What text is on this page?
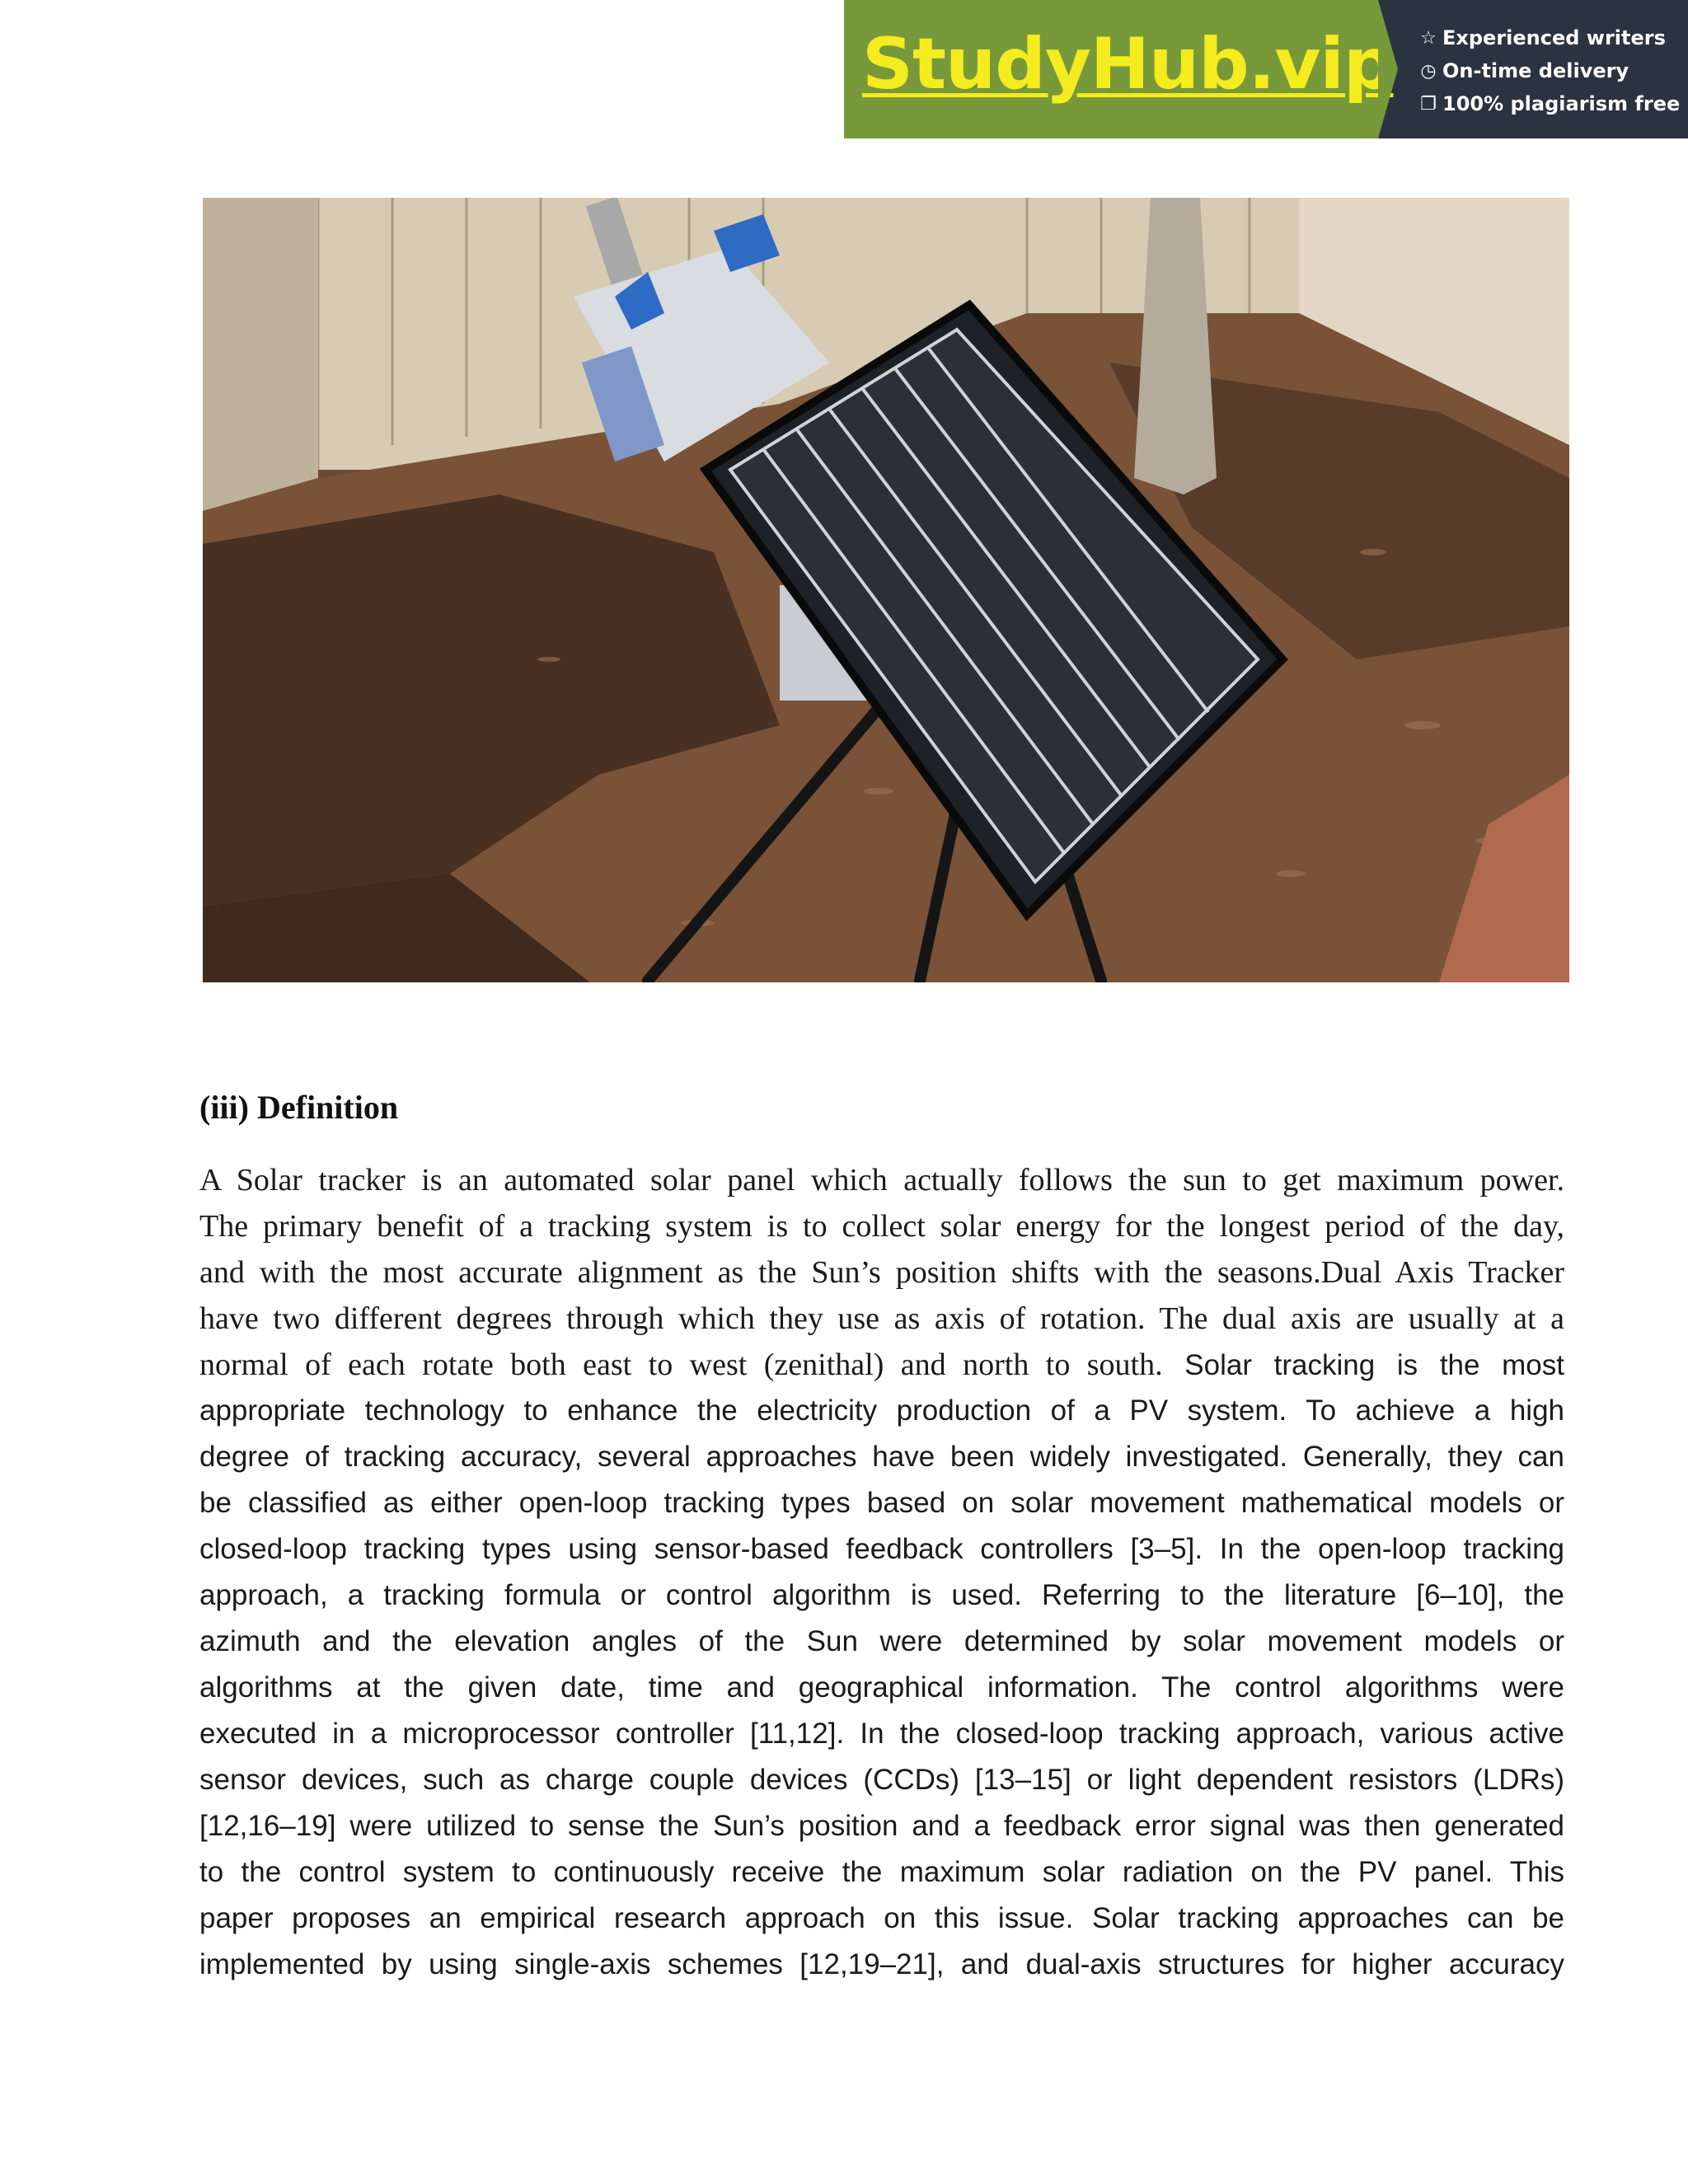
StudyHub.vip ☆ Experienced writers
◷ On-time delivery
❐ 100% plagiarism free
(iii) Definition
A Solar tracker is an automated solar panel which actually follows the sun to get maximum power.
The primary benefit of a tracking system is to collect solar energy for the longest period of the day,
and with the most accurate alignment as the Sun’s position shifts with the seasons.Dual Axis Tracker
have two different degrees through which they use as axis of rotation. The dual axis are usually at a
normal of each rotate both east to west (zenithal) and north to south. Solar tracking is the most
appropriate technology to enhance the electricity production of a PV system. To achieve a high
degree of tracking accuracy, several approaches have been widely investigated. Generally, they can
be classified as either open-loop tracking types based on solar movement mathematical models or
closed-loop tracking types using sensor-based feedback controllers [3–5]. In the open-loop tracking
approach, a tracking formula or control algorithm is used. Referring to the literature [6–10], the
azimuth and the elevation angles of the Sun were determined by solar movement models or
algorithms at the given date, time and geographical information. The control algorithms were
executed in a microprocessor controller [11,12]. In the closed-loop tracking approach, various active
sensor devices, such as charge couple devices (CCDs) [13–15] or light dependent resistors (LDRs)
[12,16–19] were utilized to sense the Sun’s position and a feedback error signal was then generated
to the control system to continuously receive the maximum solar radiation on the PV panel. This
paper proposes an empirical research approach on this issue. Solar tracking approaches can be
implemented by using single-axis schemes [12,19–21], and dual-axis structures for higher accuracy
